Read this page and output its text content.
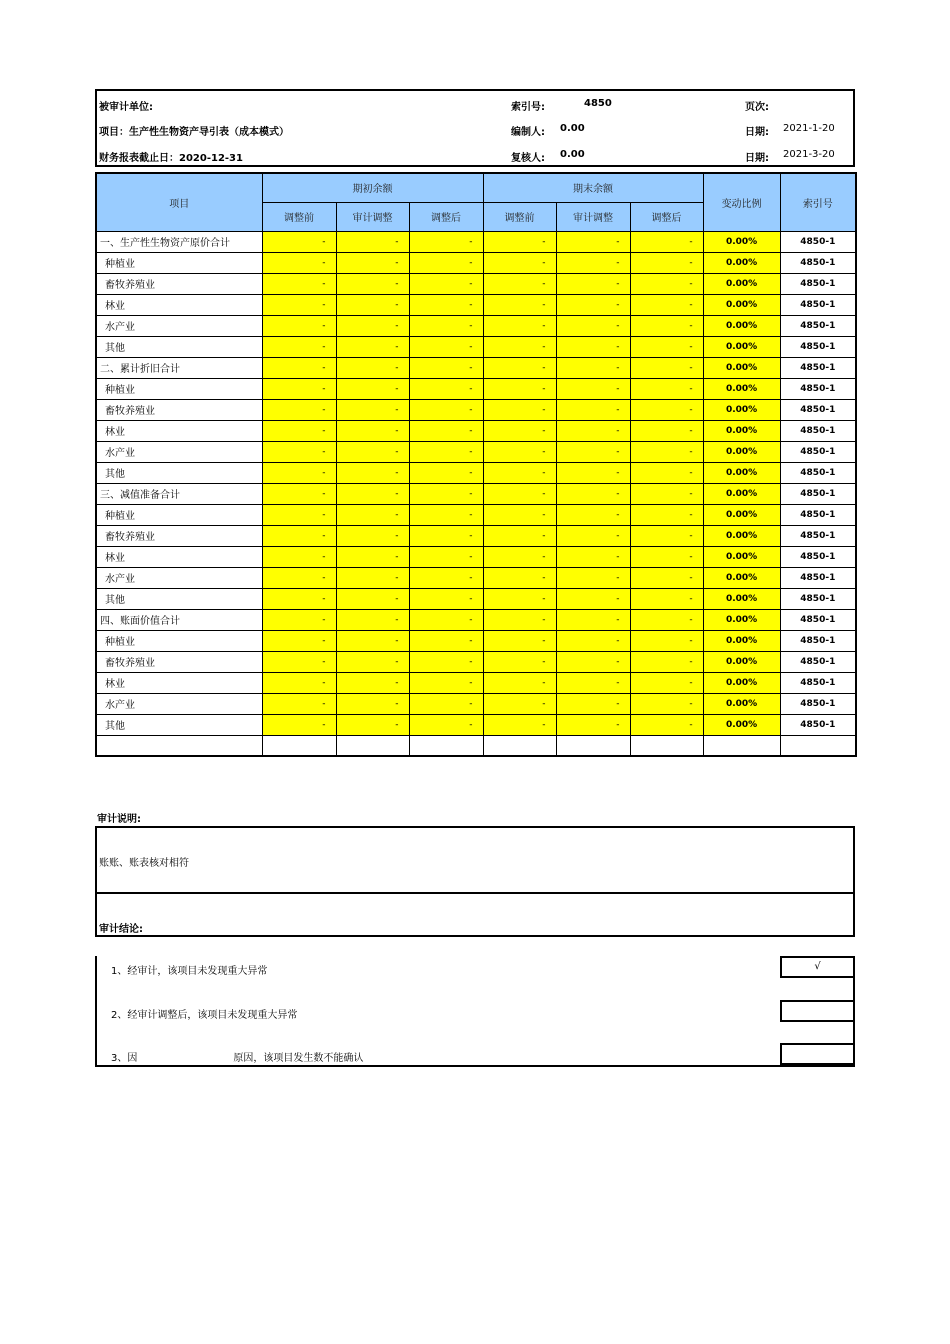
被审计单位:	索引号:	4850	页次:
项目：生产性生物资产导引表（成本模式）	编制人: 0.00	日期: 2021-1-20
财务报表截止日：2020-12-31	复核人: 0.00	日期: 2021-3-20
项目	期初余额			期末余额			变动比例	索引号
	调整前	审计调整	调整后	调整前	审计调整	调整后		
一、生产性生物资产原价合计	-	-	-	-	-	-	0.00%	4850-1
种植业	-	-	-	-	-	-	0.00%	4850-1
畜牧养殖业	-	-	-	-	-	-	0.00%	4850-1
林业	-	-	-	-	-	-	0.00%	4850-1
水产业	-	-	-	-	-	-	0.00%	4850-1
其他	-	-	-	-	-	-	0.00%	4850-1
二、累计折旧合计	-	-	-	-	-	-	0.00%	4850-1
种植业	-	-	-	-	-	-	0.00%	4850-1
畜牧养殖业	-	-	-	-	-	-	0.00%	4850-1
林业	-	-	-	-	-	-	0.00%	4850-1
水产业	-	-	-	-	-	-	0.00%	4850-1
其他	-	-	-	-	-	-	0.00%	4850-1
三、减值准备合计	-	-	-	-	-	-	0.00%	4850-1
种植业	-	-	-	-	-	-	0.00%	4850-1
畜牧养殖业	-	-	-	-	-	-	0.00%	4850-1
林业	-	-	-	-	-	-	0.00%	4850-1
水产业	-	-	-	-	-	-	0.00%	4850-1
其他	-	-	-	-	-	-	0.00%	4850-1
四、账面价值合计	-	-	-	-	-	-	0.00%	4850-1
种植业	-	-	-	-	-	-	0.00%	4850-1
畜牧养殖业	-	-	-	-	-	-	0.00%	4850-1
林业	-	-	-	-	-	-	0.00%	4850-1
水产业	-	-	-	-	-	-	0.00%	4850-1
其他	-	-	-	-	-	-	0.00%	4850-1

审计说明:
账账、账表核对相符
审计结论:
1、经审计，该项目未发现重大异常	√
2、经审计调整后，该项目未发现重大异常
3、因	原因，该项目发生数不能确认
